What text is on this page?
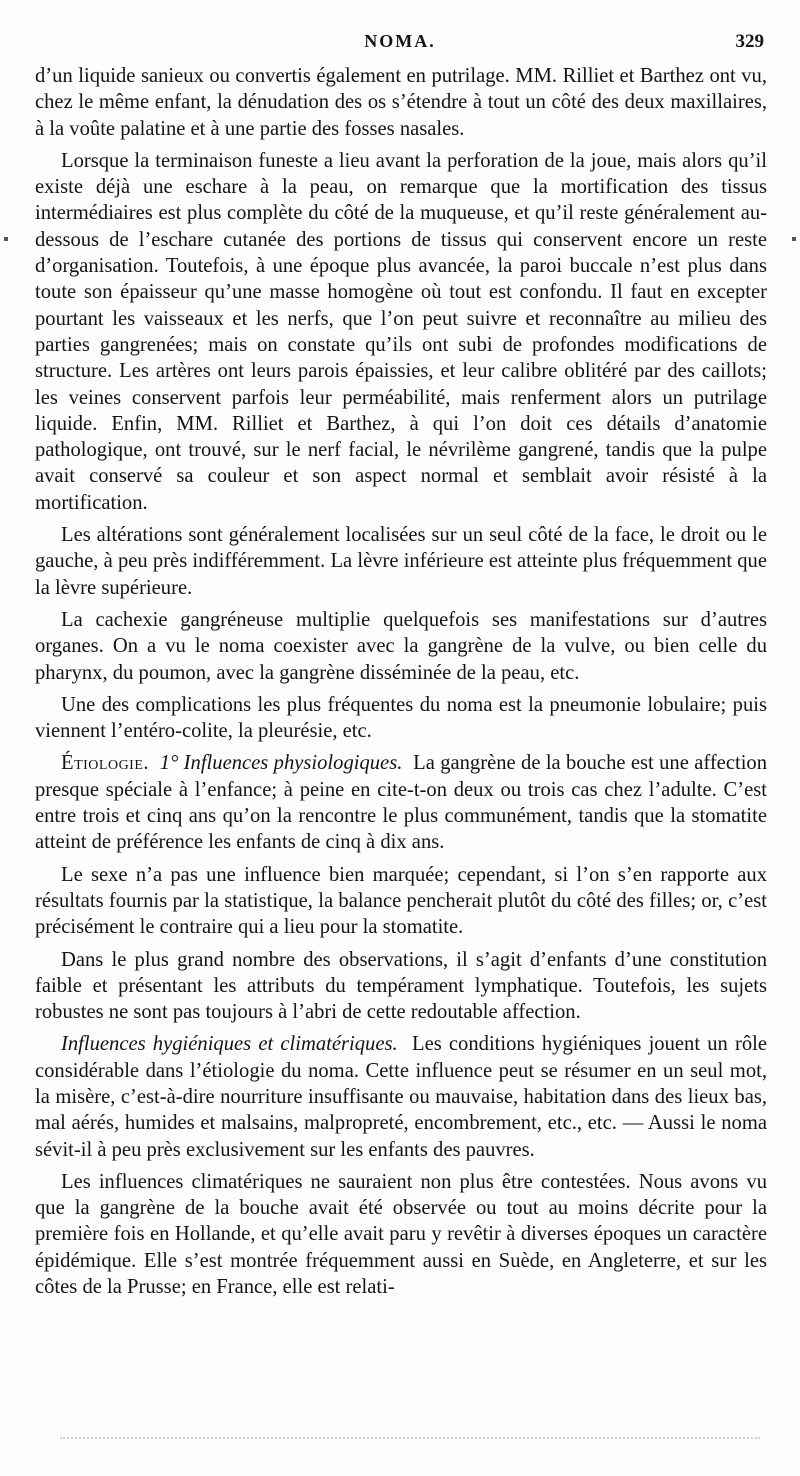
NOMA.	329

d’un liquide sanieux ou convertis également en putrilage. MM. Rilliet et Barthez ont vu, chez le même enfant, la dénudation des os s’étendre à tout un côté des deux maxillaires, à la voûte palatine et à une partie des fosses nasales.

Lorsque la terminaison funeste a lieu avant la perforation de la joue, mais alors qu’il existe déjà une eschare à la peau, on remarque que la mortification des tissus intermédiaires est plus complète du côté de la muqueuse, et qu’il reste généralement au-dessous de l’eschare cutanée des portions de tissus qui conservent encore un reste d’organisation. Toutefois, à une époque plus avancée, la paroi buccale n’est plus dans toute son épaisseur qu’une masse homogène où tout est confondu. Il faut en excepter pourtant les vaisseaux et les nerfs, que l’on peut suivre et reconnaître au milieu des parties gangrenées; mais on constate qu’ils ont subi de profondes modifications de structure. Les artères ont leurs parois épaissies, et leur calibre oblitéré par des caillots; les veines conservent parfois leur perméabilité, mais renferment alors un putrilage liquide. Enfin, MM. Rilliet et Barthez, à qui l’on doit ces détails d’anatomie pathologique, ont trouvé, sur le nerf facial, le névrilème gangrené, tandis que la pulpe avait conservé sa couleur et son aspect normal et semblait avoir résisté à la mortification.

Les altérations sont généralement localisées sur un seul côté de la face, le droit ou le gauche, à peu près indifféremment. La lèvre inférieure est atteinte plus fréquemment que la lèvre supérieure.

La cachexie gangréneuse multiplie quelquefois ses manifestations sur d’autres organes. On a vu le noma coexister avec la gangrène de la vulve, ou bien celle du pharynx, du poumon, avec la gangrène disséminée de la peau, etc.

Une des complications les plus fréquentes du noma est la pneumonie lobulaire; puis viennent l’entéro-colite, la pleurésie, etc.

Étiologie. 1° Influences physiologiques. La gangrène de la bouche est une affection presque spéciale à l’enfance; à peine en cite-t-on deux ou trois cas chez l’adulte. C’est entre trois et cinq ans qu’on la rencontre le plus communément, tandis que la stomatite atteint de préférence les enfants de cinq à dix ans.

Le sexe n’a pas une influence bien marquée; cependant, si l’on s’en rapporte aux résultats fournis par la statistique, la balance pencherait plutôt du côté des filles; or, c’est précisément le contraire qui a lieu pour la stomatite.

Dans le plus grand nombre des observations, il s’agit d’enfants d’une constitution faible et présentant les attributs du tempérament lymphatique. Toutefois, les sujets robustes ne sont pas toujours à l’abri de cette redoutable affection.

Influences hygiéniques et climatériques. Les conditions hygiéniques jouent un rôle considérable dans l’étiologie du noma. Cette influence peut se résumer en un seul mot, la misère, c’est-à-dire nourriture insuffisante ou mauvaise, habitation dans des lieux bas, mal aérés, humides et malsains, malpropreté, encombrement, etc., etc. — Aussi le noma sévit-il à peu près exclusivement sur les enfants des pauvres.

Les influences climatériques ne sauraient non plus être contestées. Nous avons vu que la gangrène de la bouche avait été observée ou tout au moins décrite pour la première fois en Hollande, et qu’elle avait paru y revêtir à diverses époques un caractère épidémique. Elle s’est montrée fréquemment aussi en Suède, en Angleterre, et sur les côtes de la Prusse; en France, elle est relati-
